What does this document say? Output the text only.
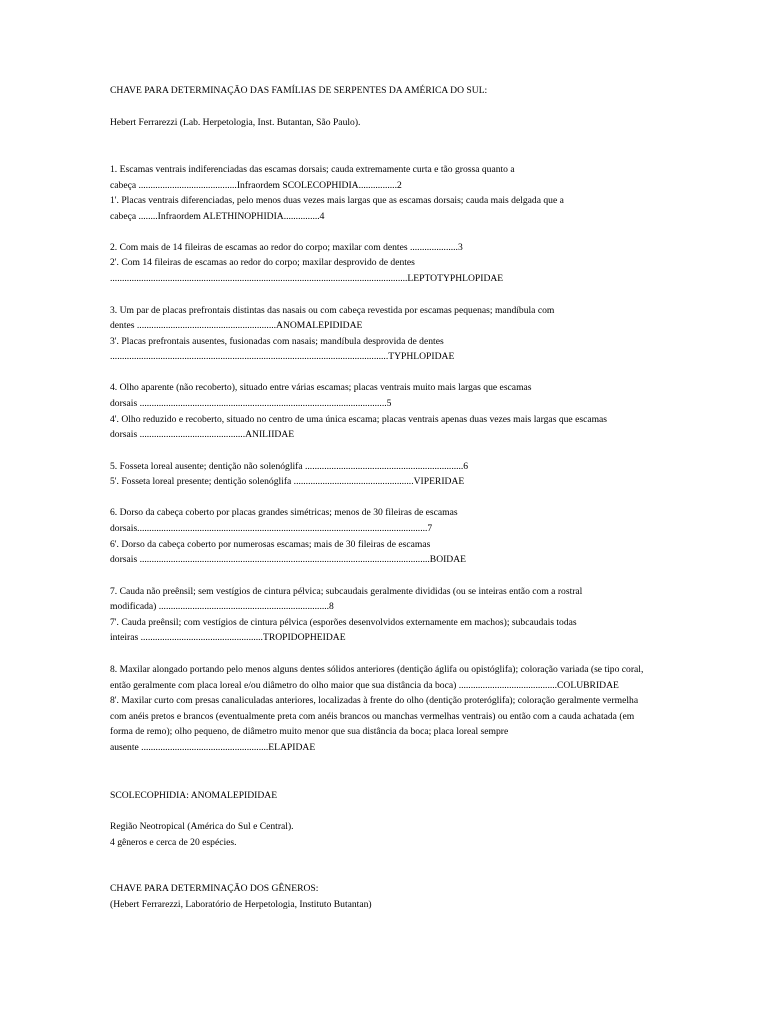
CHAVE PARA DETERMINAÇÃO DAS FAMÍLIAS DE SERPENTES DA AMÉRICA DO SUL:

Hebert Ferrarezzi (Lab. Herpetologia, Inst. Butantan, São Paulo).

1. Escamas ventrais indiferenciadas das escamas dorsais; cauda extremamente curta e tão grossa quanto a

cabeça .........................................Infraordem SCOLECOPHIDIA................2

1'. Placas ventrais diferenciadas, pelo menos duas vezes mais largas que as escamas dorsais; cauda mais delgada que a

cabeça ........Infraordem ALETHINOPHIDIA...............4

2. Com mais de 14 fileiras de escamas ao redor do corpo; maxilar com dentes ....................3

2'. Com 14 fileiras de escamas ao redor do corpo; maxilar desprovido de dentes

............................................................................................................................LEPTOTYPHLOPIDAE

3. Um par de placas prefrontais distintas das nasais ou com cabeça revestida por escamas pequenas; mandíbula com

dentes ..........................................................ANOMALEPIDIDAE

3'. Placas prefrontais ausentes, fusionadas com nasais; mandíbula desprovida de dentes

....................................................................................................................TYPHLOPIDAE

4. Olho aparente (não recoberto), situado entre várias escamas; placas ventrais muito mais largas que escamas

dorsais .......................................................................................................5

4'. Olho reduzido e recoberto, situado no centro de uma única escama; placas ventrais apenas duas vezes mais largas que escamas

dorsais ............................................ANILIIDAE

5. Fosseta loreal ausente; dentição não solenóglifa ..................................................................6

5'. Fosseta loreal presente; dentição solenóglifa ..................................................VIPERIDAE

6. Dorso da cabeça coberto por placas grandes simétricas; menos de 30 fileiras de escamas

dorsais.........................................................................................................................7

6'. Dorso da cabeça coberto por numerosas escamas; mais de 30 fileiras de escamas

dorsais .........................................................................................................................BOIDAE

7. Cauda não preênsil; sem vestígios de cintura pélvica; subcaudais geralmente divididas (ou se inteiras então com a rostral

modificada) .......................................................................8

7'. Cauda preênsil; com vestígios de cintura pélvica (esporões desenvolvidos externamente em machos); subcaudais todas

inteiras ...................................................TROPIDOPHEIDAE

8. Maxilar alongado portando pelo menos alguns dentes sólidos anteriores (dentição áglifa ou opistóglifa); coloração variada (se tipo coral,

então geralmente com placa loreal e/ou diâmetro do olho maior que sua distância da boca) .........................................COLUBRIDAE

8'. Maxilar curto com presas canaliculadas anteriores, localizadas à frente do olho (dentição proteróglifa); coloração geralmente vermelha

com anéis pretos e brancos (eventualmente preta com anéis brancos ou manchas vermelhas ventrais) ou então com a cauda achatada (em

forma de remo); olho pequeno, de diâmetro muito menor que sua distância da boca; placa loreal sempre

ausente .....................................................ELAPIDAE

SCOLECOPHIDIA: ANOMALEPIDIDAE

Região Neotropical (América do Sul e Central).

4 gêneros e cerca de 20 espécies.

CHAVE PARA DETERMINAÇÃO DOS GÊNEROS:

(Hebert Ferrarezzi, Laboratório de Herpetologia, Instituto Butantan)
